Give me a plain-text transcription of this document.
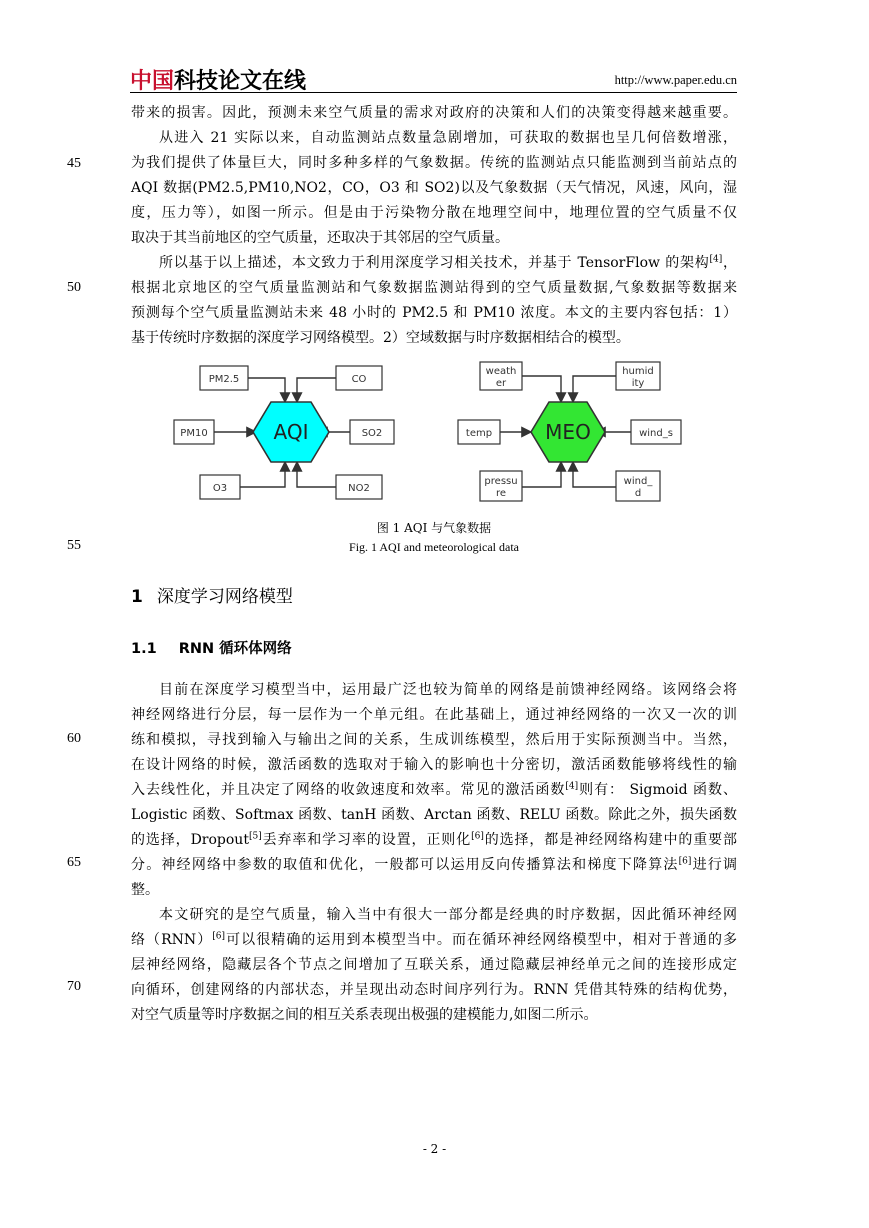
中国科技论文在线	http://www.paper.edu.cn
45
50
55
60
65
70
带来的损害。因此，预测未来空气质量的需求对政府的决策和人们的决策变得越来越重要。
从进入 21 实际以来，自动监测站点数量急剧增加，可获取的数据也呈几何倍数增涨，
为我们提供了体量巨大，同时多种多样的气象数据。传统的监测站点只能监测到当前站点的
AQI 数据(PM2.5,PM10,NO2，CO，O3 和 SO2)以及气象数据（天气情况，风速，风向，湿
度，压力等），如图一所示。但是由于污染物分散在地理空间中，地理位置的空气质量不仅
取决于其当前地区的空气质量，还取决于其邻居的空气质量。
所以基于以上描述，本文致力于利用深度学习相关技术，并基于 TensorFlow 的架构[4]，
根据北京地区的空气质量监测站和气象数据监测站得到的空气质量数据,气象数据等数据来
预测每个空气质量监测站未来 48 小时的 PM2.5 和 PM10 浓度。本文的主要内容包括：1）
基于传统时序数据的深度学习网络模型。2）空域数据与时序数据相结合的模型。
AQI
PM2.5	CO
PM10	SO2
O3	NO2
MEO
weath
er
humid
ity
temp	wind_s
pressu
re
wind_
d
图 1 AQI 与气象数据
Fig. 1 AQI and meteorological data
1 深度学习网络模型
1.1 RNN 循环体网络
目前在深度学习模型当中，运用最广泛也较为简单的网络是前馈神经网络。该网络会将
神经网络进行分层，每一层作为一个单元组。在此基础上，通过神经网络的一次又一次的训
练和模拟，寻找到输入与输出之间的关系，生成训练模型，然后用于实际预测当中。当然，
在设计网络的时候，激活函数的选取对于输入的影响也十分密切，激活函数能够将线性的输
入去线性化，并且决定了网络的收敛速度和效率。常见的激活函数[4]则有： Sigmoid 函数、
Logistic 函数、Softmax 函数、tanH 函数、Arctan 函数、RELU 函数。除此之外，损失函数
的选择，Dropout[5]丢弃率和学习率的设置，正则化[6]的选择，都是神经网络构建中的重要部
分。神经网络中参数的取值和优化，一般都可以运用反向传播算法和梯度下降算法[6]进行调
整。
本文研究的是空气质量，输入当中有很大一部分都是经典的时序数据，因此循环神经网
络（RNN）[6]可以很精确的运用到本模型当中。而在循环神经网络模型中，相对于普通的多
层神经网络，隐藏层各个节点之间增加了互联关系，通过隐藏层神经单元之间的连接形成定
向循环，创建网络的内部状态，并呈现出动态时间序列行为。RNN 凭借其特殊的结构优势，
对空气质量等时序数据之间的相互关系表现出极强的建模能力,如图二所示。
- 2 -
